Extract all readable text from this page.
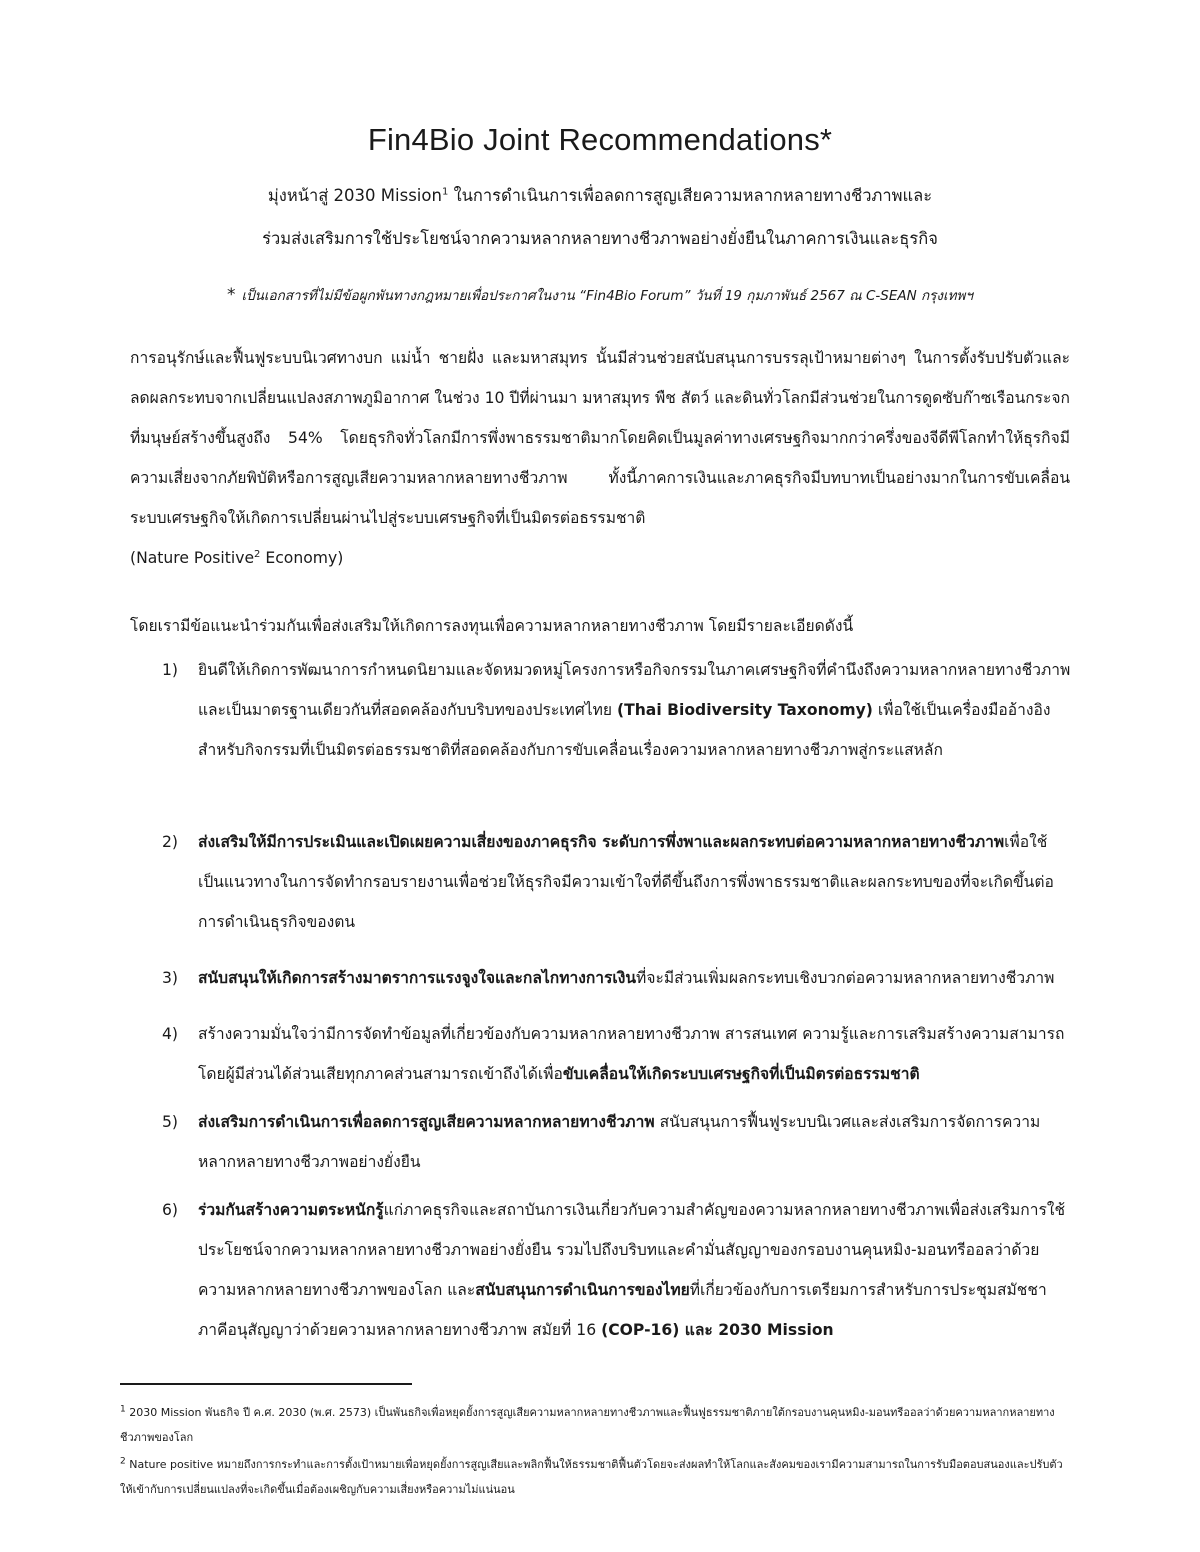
Fin4Bio Joint Recommendations*
มุ่งหน้าสู่ 2030 Mission$^1$ ในการดำเนินการเพื่อลดการสูญเสียความหลากหลายทางชีวภาพและ
ร่วมส่งเสริมการใช้ประโยชน์จากความหลากหลายทางชีวภาพอย่างยั่งยืนในภาคการเงินและธุรกิจ
* เป็นเอกสารที่ไม่มีข้อผูกพันทางกฎหมายเพื่อประกาศในงาน “Fin4Bio Forum” วันที่ 19 กุมภาพันธ์ 2567 ณ C-SEAN กรุงเทพฯ
การอนุรักษ์และฟื้นฟูระบบนิเวศทางบก แม่น้ำ ชายฝั่ง และมหาสมุทร นั้นมีส่วนช่วยสนับสนุนการบรรลุเป้าหมายต่างๆ ในการตั้งรับปรับตัวและลดผลกระทบจากเปลี่ยนแปลงสภาพภูมิอากาศ ในช่วง 10 ปีที่ผ่านมา มหาสมุทร พืช สัตว์ และดินทั่วโลกมีส่วนช่วยในการดูดซับก๊าซเรือนกระจกที่มนุษย์สร้างขึ้นสูงถึง 54% โดยธุรกิจทั่วโลกมีการพึ่งพาธรรมชาติมากโดยคิดเป็นมูลค่าทางเศรษฐกิจมากกว่าครึ่งของจีดีพีโลกทำให้ธุรกิจมีความเสี่ยงจากภัยพิบัติหรือการสูญเสียความหลากหลายทางชีวภาพ ทั้งนี้ภาคการเงินและภาคธุรกิจมีบทบาทเป็นอย่างมากในการขับเคลื่อนระบบเศรษฐกิจให้เกิดการเปลี่ยนผ่านไปสู่ระบบเศรษฐกิจที่เป็นมิตรต่อธรรมชาติ
(Nature Positive$^2$ Economy)
โดยเรามีข้อแนะนำร่วมกันเพื่อส่งเสริมให้เกิดการลงทุนเพื่อความหลากหลายทางชีวภาพ โดยมีรายละเอียดดังนี้
1)	ยินดีให้เกิดการพัฒนาการกำหนดนิยามและจัดหมวดหมู่โครงการหรือกิจกรรมในภาคเศรษฐกิจที่คำนึงถึงความหลากหลายทางชีวภาพและเป็นมาตรฐานเดียวกันที่สอดคล้องกับบริบทของประเทศไทย (Thai Biodiversity Taxonomy) เพื่อใช้เป็นเครื่องมืออ้างอิงสำหรับกิจกรรมที่เป็นมิตรต่อธรรมชาติที่สอดคล้องกับการขับเคลื่อนเรื่องความหลากหลายทางชีวภาพสู่กระแสหลัก
2)	ส่งเสริมให้มีการประเมินและเปิดเผยความเสี่ยงของภาคธุรกิจ ระดับการพึ่งพาและผลกระทบต่อความหลากหลายทางชีวภาพเพื่อใช้เป็นแนวทางในการจัดทำกรอบรายงานเพื่อช่วยให้ธุรกิจมีความเข้าใจที่ดีขึ้นถึงการพึ่งพาธรรมชาติและผลกระทบของที่จะเกิดขึ้นต่อการดำเนินธุรกิจของตน
3)	สนับสนุนให้เกิดการสร้างมาตราการแรงจูงใจและกลไกทางการเงินที่จะมีส่วนเพิ่มผลกระทบเชิงบวกต่อความหลากหลายทางชีวภาพ
4)	สร้างความมั่นใจว่ามีการจัดทำข้อมูลที่เกี่ยวข้องกับความหลากหลายทางชีวภาพ สารสนเทศ ความรู้และการเสริมสร้างความสามารถ โดยผู้มีส่วนได้ส่วนเสียทุกภาคส่วนสามารถเข้าถึงได้เพื่อขับเคลื่อนให้เกิดระบบเศรษฐกิจที่เป็นมิตรต่อธรรมชาติ
5)	ส่งเสริมการดำเนินการเพื่อลดการสูญเสียความหลากหลายทางชีวภาพ สนับสนุนการฟื้นฟูระบบนิเวศและส่งเสริมการจัดการความหลากหลายทางชีวภาพอย่างยั่งยืน
6)	ร่วมกันสร้างความตระหนักรู้แก่ภาคธุรกิจและสถาบันการเงินเกี่ยวกับความสำคัญของความหลากหลายทางชีวภาพเพื่อส่งเสริมการใช้ประโยชน์จากความหลากหลายทางชีวภาพอย่างยั่งยืน รวมไปถึงบริบทและคำมั่นสัญญาของกรอบงานคุนหมิง-มอนทรีออลว่าด้วยความหลากหลายทางชีวภาพของโลก และสนับสนุนการดำเนินการของไทยที่เกี่ยวข้องกับการเตรียมการสำหรับการประชุมสมัชชาภาคีอนุสัญญาว่าด้วยความหลากหลายทางชีวภาพ สมัยที่ 16 (COP-16) และ 2030 Mission
$^1$ 2030 Mission พันธกิจ ปี ค.ศ. 2030 (พ.ศ. 2573) เป็นพันธกิจเพื่อหยุดยั้งการสูญเสียความหลากหลายทางชีวภาพและฟื้นฟูธรรมชาติภายใต้กรอบงานคุนหมิง-มอนทรีออลว่าด้วยความหลากหลายทางชีวภาพของโลก
$^2$ Nature positive หมายถึงการกระทำและการตั้งเป้าหมายเพื่อหยุดยั้งการสูญเสียและพลิกฟื้นให้ธรรมชาติฟื้นตัวโดยจะส่งผลทำให้โลกและสังคมของเรามีความสามารถในการรับมือตอบสนองและปรับตัวให้เข้ากับการเปลี่ยนแปลงที่จะเกิดขึ้นเมื่อต้องเผชิญกับความเสี่ยงหรือความไม่แน่นอน
